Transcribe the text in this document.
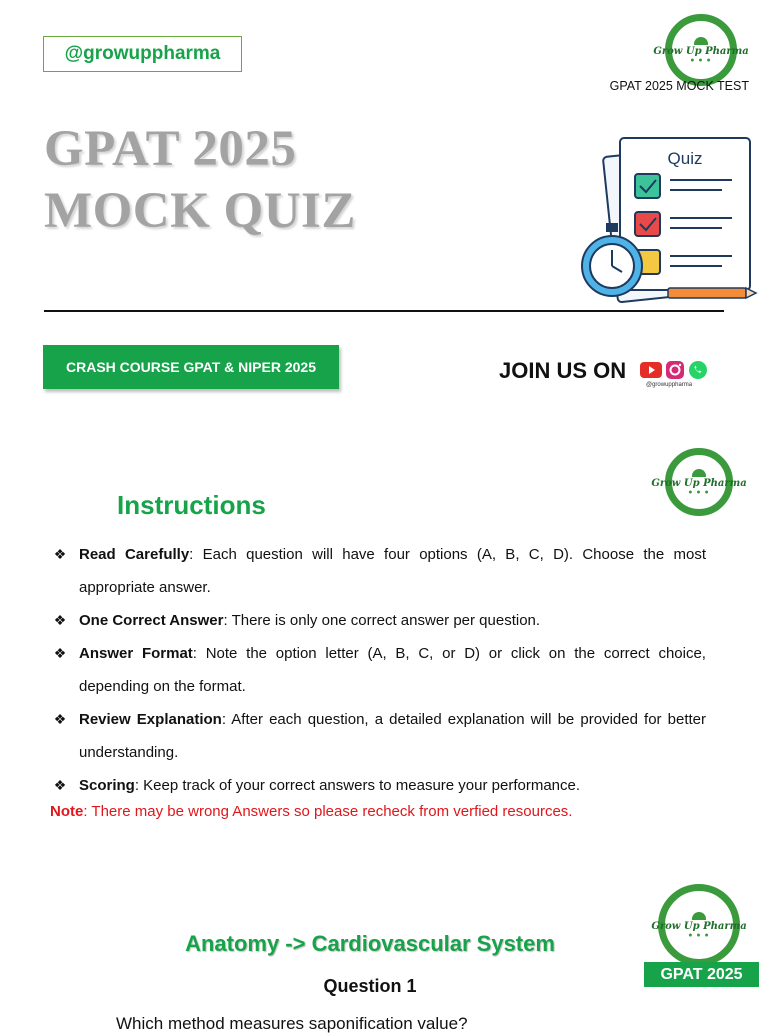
@growuppharma	Grow Up Pharma
● ● ●
GPAT 2025 MOCK TEST
GPAT 2025
MOCK QUIZ
Quiz
CRASH COURSE GPAT & NIPER 2025	JOIN US ON
@growuppharma
Grow Up Pharma
● ● ●
Instructions
❖ Read Carefully: Each question will have four options (A, B, C, D). Choose the most appropriate answer.
❖ One Correct Answer: There is only one correct answer per question.
❖ Answer Format: Note the option letter (A, B, C, or D) or click on the correct choice, depending on the format.
❖ Review Explanation: After each question, a detailed explanation will be provided for better understanding.
❖ Scoring: Keep track of your correct answers to measure your performance.
Note: There may be wrong Answers so please recheck from verfied resources.
Grow Up Pharma
● ● ●
GPAT 2025
Anatomy -> Cardiovascular System
Question 1
Which method measures saponification value?
